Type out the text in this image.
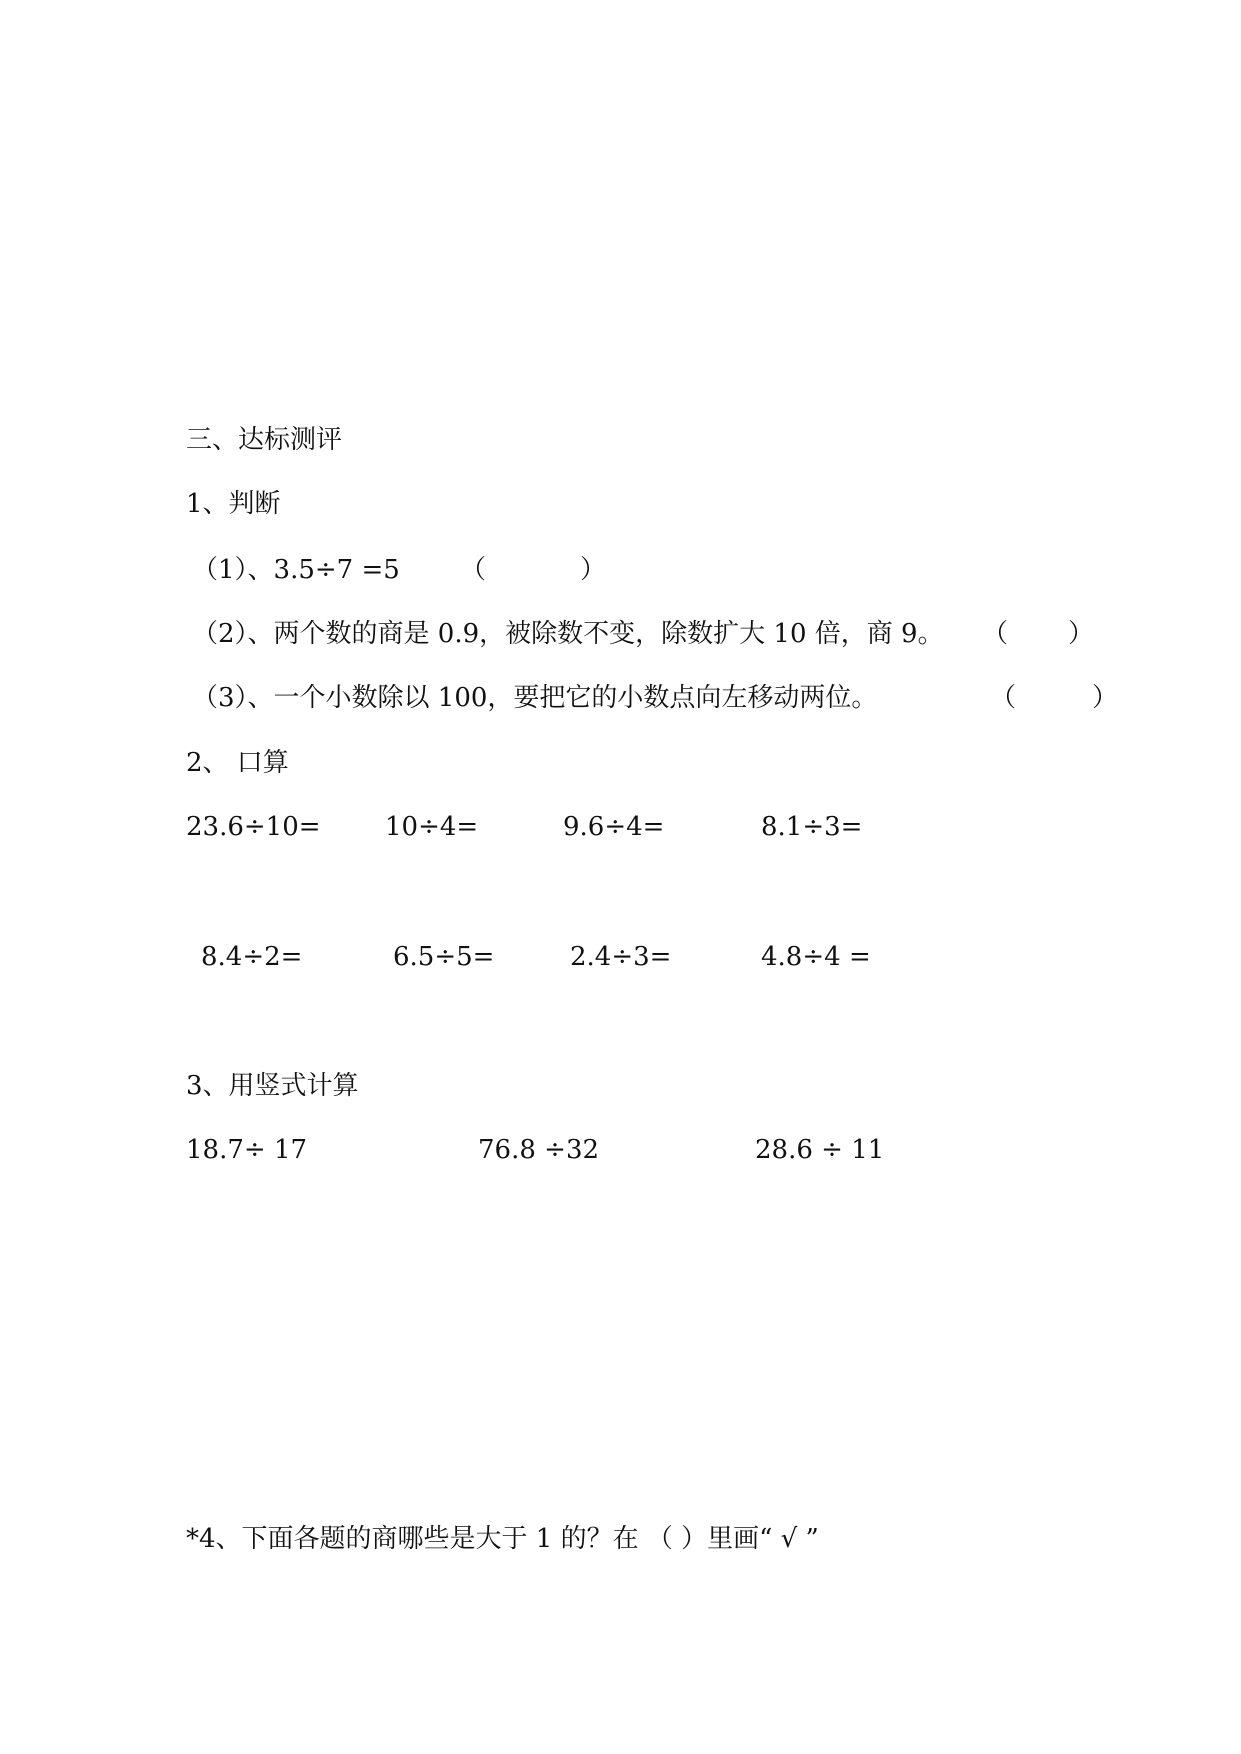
三、达标测评
1、判断
（1）、3.5÷7 =5 （	）
（2）、两个数的商是 0.9，被除数不变，除数扩大 10 倍，商 9。 （ ）
（3）、一个小数除以 100，要把它的小数点向左移动两位。	（	）
2、 口算
23.6÷10= 10÷4=	9.6÷4=	8.1÷3=
8.4÷2=	6.5÷5=	2.4÷3=	4.8÷4 =
3、用竖式计算
18.7÷ 17	76.8 ÷32	28.6 ÷ 11
*4、下面各题的商哪些是大于 1 的？在 （ ）里画“ √ ”
